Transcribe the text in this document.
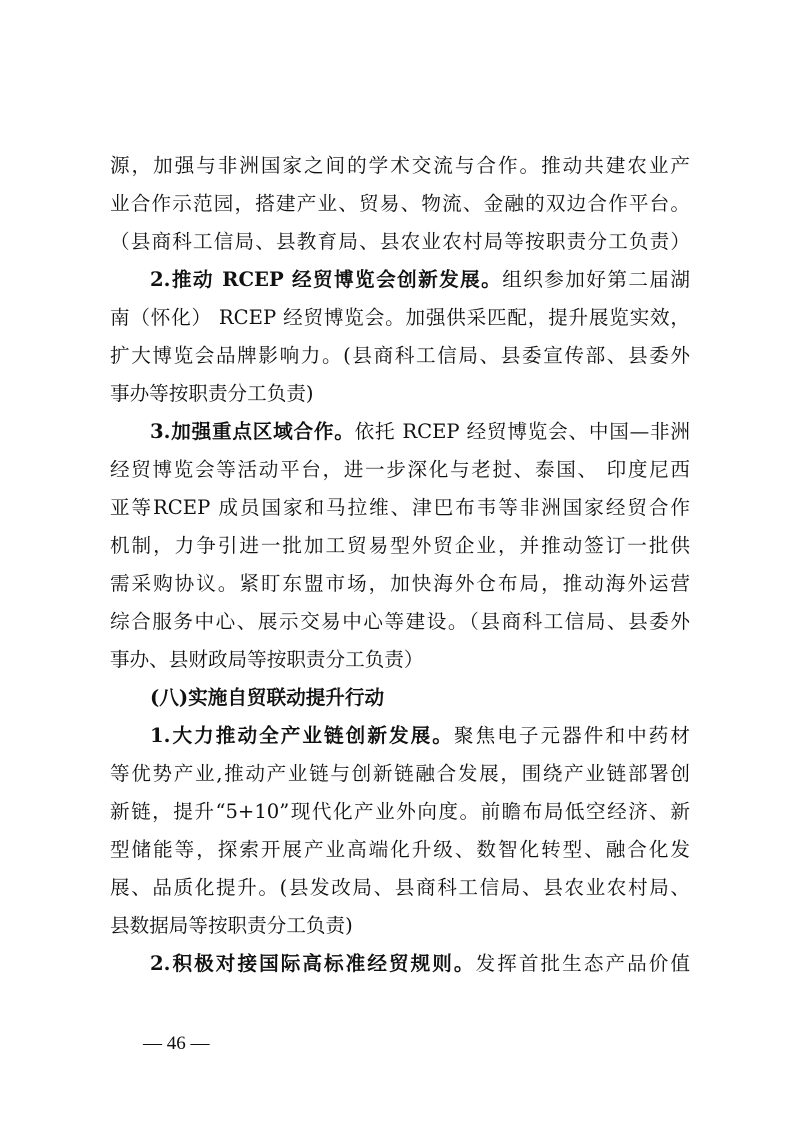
源，加强与非洲国家之间的学术交流与合作。推动共建农业产
业合作示范园，搭建产业、贸易、物流、金融的双边合作平台。
（县商科工信局、县教育局、县农业农村局等按职责分工负责）
2.推动 RCEP 经贸博览会创新发展。组织参加好第二届湖
南（怀化） RCEP 经贸博览会。加强供采匹配，提升展览实效，
扩大博览会品牌影响力。(县商科工信局、县委宣传部、县委外
事办等按职责分工负责)
3.加强重点区域合作。依托 RCEP 经贸博览会、中国—非洲
经贸博览会等活动平台，进一步深化与老挝、泰国、 印度尼西
亚等RCEP 成员国家和马拉维、津巴布韦等非洲国家经贸合作
机制，力争引进一批加工贸易型外贸企业，并推动签订一批供
需采购协议。紧盯东盟市场，加快海外仓布局，推动海外运营
综合服务中心、展示交易中心等建设。（县商科工信局、县委外
事办、县财政局等按职责分工负责）
(八)实施自贸联动提升行动
1.大力推动全产业链创新发展。聚焦电子元器件和中药材
等优势产业,推动产业链与创新链融合发展，围绕产业链部署创
新链，提升“5+10”现代化产业外向度。前瞻布局低空经济、新
型储能等，探索开展产业高端化升级、数智化转型、融合化发
展、品质化提升。(县发改局、县商科工信局、县农业农村局、
县数据局等按职责分工负责)
2.积极对接国际高标准经贸规则。发挥首批生态产品价值
— 46 —
